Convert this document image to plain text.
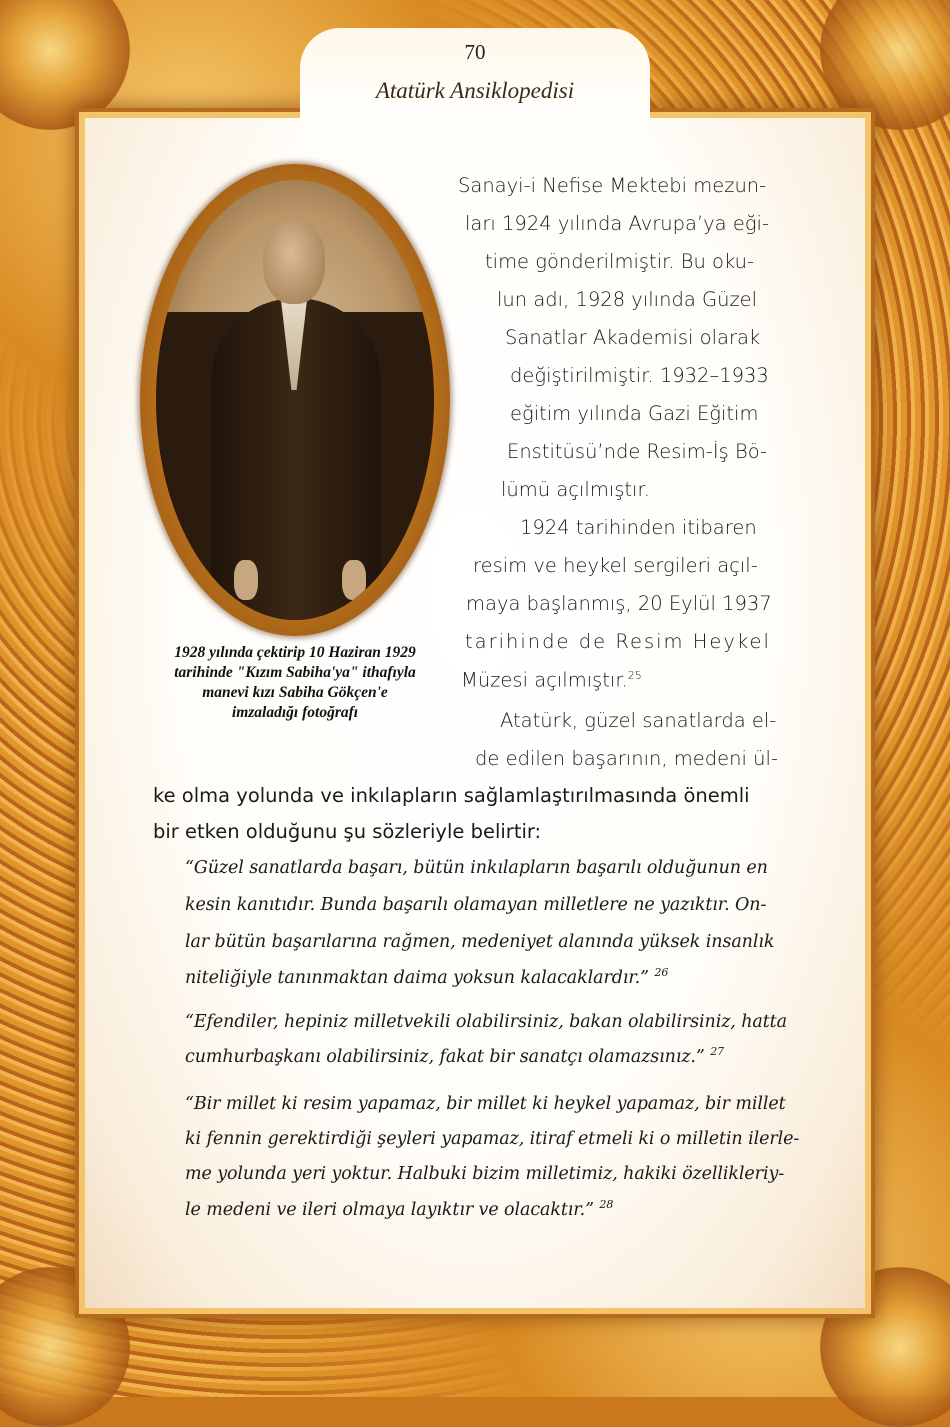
70
Atatürk Ansiklopedisi
1928 yılında çektirip 10 Haziran 1929
tarihinde "Kızım Sabiha'ya" ithafıyla
manevi kızı Sabiha Gökçen'e
imzaladığı fotoğrafı
Sanayi-i Nefise Mektebi mezun-
ları 1924 yılında Avrupa’ya eği-
time gönderilmiştir. Bu oku-
lun adı, 1928 yılında Güzel
Sanatlar Akademisi olarak
değiştirilmiştir. 1932–1933
eğitim yılında Gazi Eğitim
Enstitüsü’nde Resim-İş Bö-
lümü açılmıştır.
1924 tarihinden itibaren
resim ve heykel sergileri açıl-
maya başlanmış, 20 Eylül 1937
tarihinde de Resim Heykel
Müzesi açılmıştır.$^{25}$
Atatürk, güzel sanatlarda el-
de edilen başarının, medeni ül-
ke olma yolunda ve inkılapların sağlamlaştırılmasında önemli
bir etken olduğunu şu sözleriyle belirtir:
“Güzel sanatlarda başarı, bütün inkılapların başarılı olduğunun en
kesin kanıtıdır. Bunda başarılı olamayan milletlere ne yazıktır. On-
lar bütün başarılarına rağmen, medeniyet alanında yüksek insanlık
niteliğiyle tanınmaktan daima yoksun kalacaklardır.” $^{26}$
“Efendiler, hepiniz milletvekili olabilirsiniz, bakan olabilirsiniz, hatta
cumhurbaşkanı olabilirsiniz, fakat bir sanatçı olamazsınız.” $^{27}$
“Bir millet ki resim yapamaz, bir millet ki heykel yapamaz, bir millet
ki fennin gerektirdiği şeyleri yapamaz, itiraf etmeli ki o milletin ilerle-
me yolunda yeri yoktur. Halbuki bizim milletimiz, hakiki özellikleriy-
le medeni ve ileri olmaya layıktır ve olacaktır.” $^{28}$
